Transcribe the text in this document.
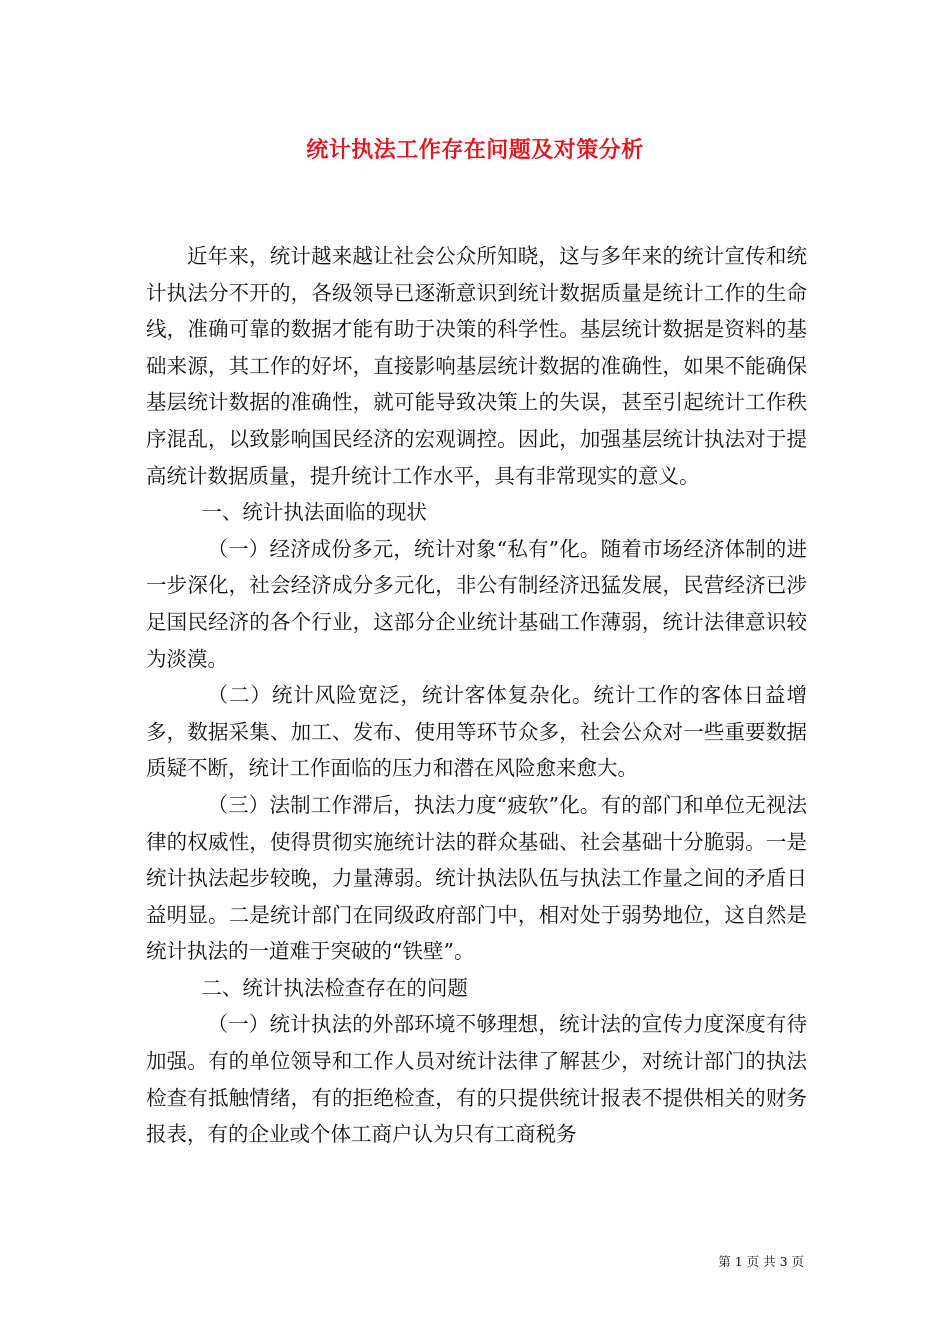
统计执法工作存在问题及对策分析

近年来，统计越来越让社会公众所知晓，这与多年来的统计宣传和统计执法分不开的，各级领导已逐渐意识到统计数据质量是统计工作的生命线，准确可靠的数据才能有助于决策的科学性。基层统计数据是资料的基础来源，其工作的好坏，直接影响基层统计数据的准确性，如果不能确保基层统计数据的准确性，就可能导致决策上的失误，甚至引起统计工作秩序混乱，以致影响国民经济的宏观调控。因此，加强基层统计执法对于提高统计数据质量，提升统计工作水平，具有非常现实的意义。

一、统计执法面临的现状

（一）经济成份多元，统计对象“私有”化。随着市场经济体制的进一步深化，社会经济成分多元化，非公有制经济迅猛发展，民营经济已涉足国民经济的各个行业，这部分企业统计基础工作薄弱，统计法律意识较为淡漠。

（二）统计风险宽泛，统计客体复杂化。统计工作的客体日益增多，数据采集、加工、发布、使用等环节众多，社会公众对一些重要数据质疑不断，统计工作面临的压力和潜在风险愈来愈大。

（三）法制工作滞后，执法力度“疲软”化。有的部门和单位无视法律的权威性，使得贯彻实施统计法的群众基础、社会基础十分脆弱。一是统计执法起步较晚，力量薄弱。统计执法队伍与执法工作量之间的矛盾日益明显。二是统计部门在同级政府部门中，相对处于弱势地位，这自然是统计执法的一道难于突破的“铁壁”。

二、统计执法检查存在的问题

（一）统计执法的外部环境不够理想，统计法的宣传力度深度有待加强。有的单位领导和工作人员对统计法律了解甚少，对统计部门的执法检查有抵触情绪，有的拒绝检查，有的只提供统计报表不提供相关的财务报表，有的企业或个体工商户认为只有工商税务

第 1 页 共 3 页
